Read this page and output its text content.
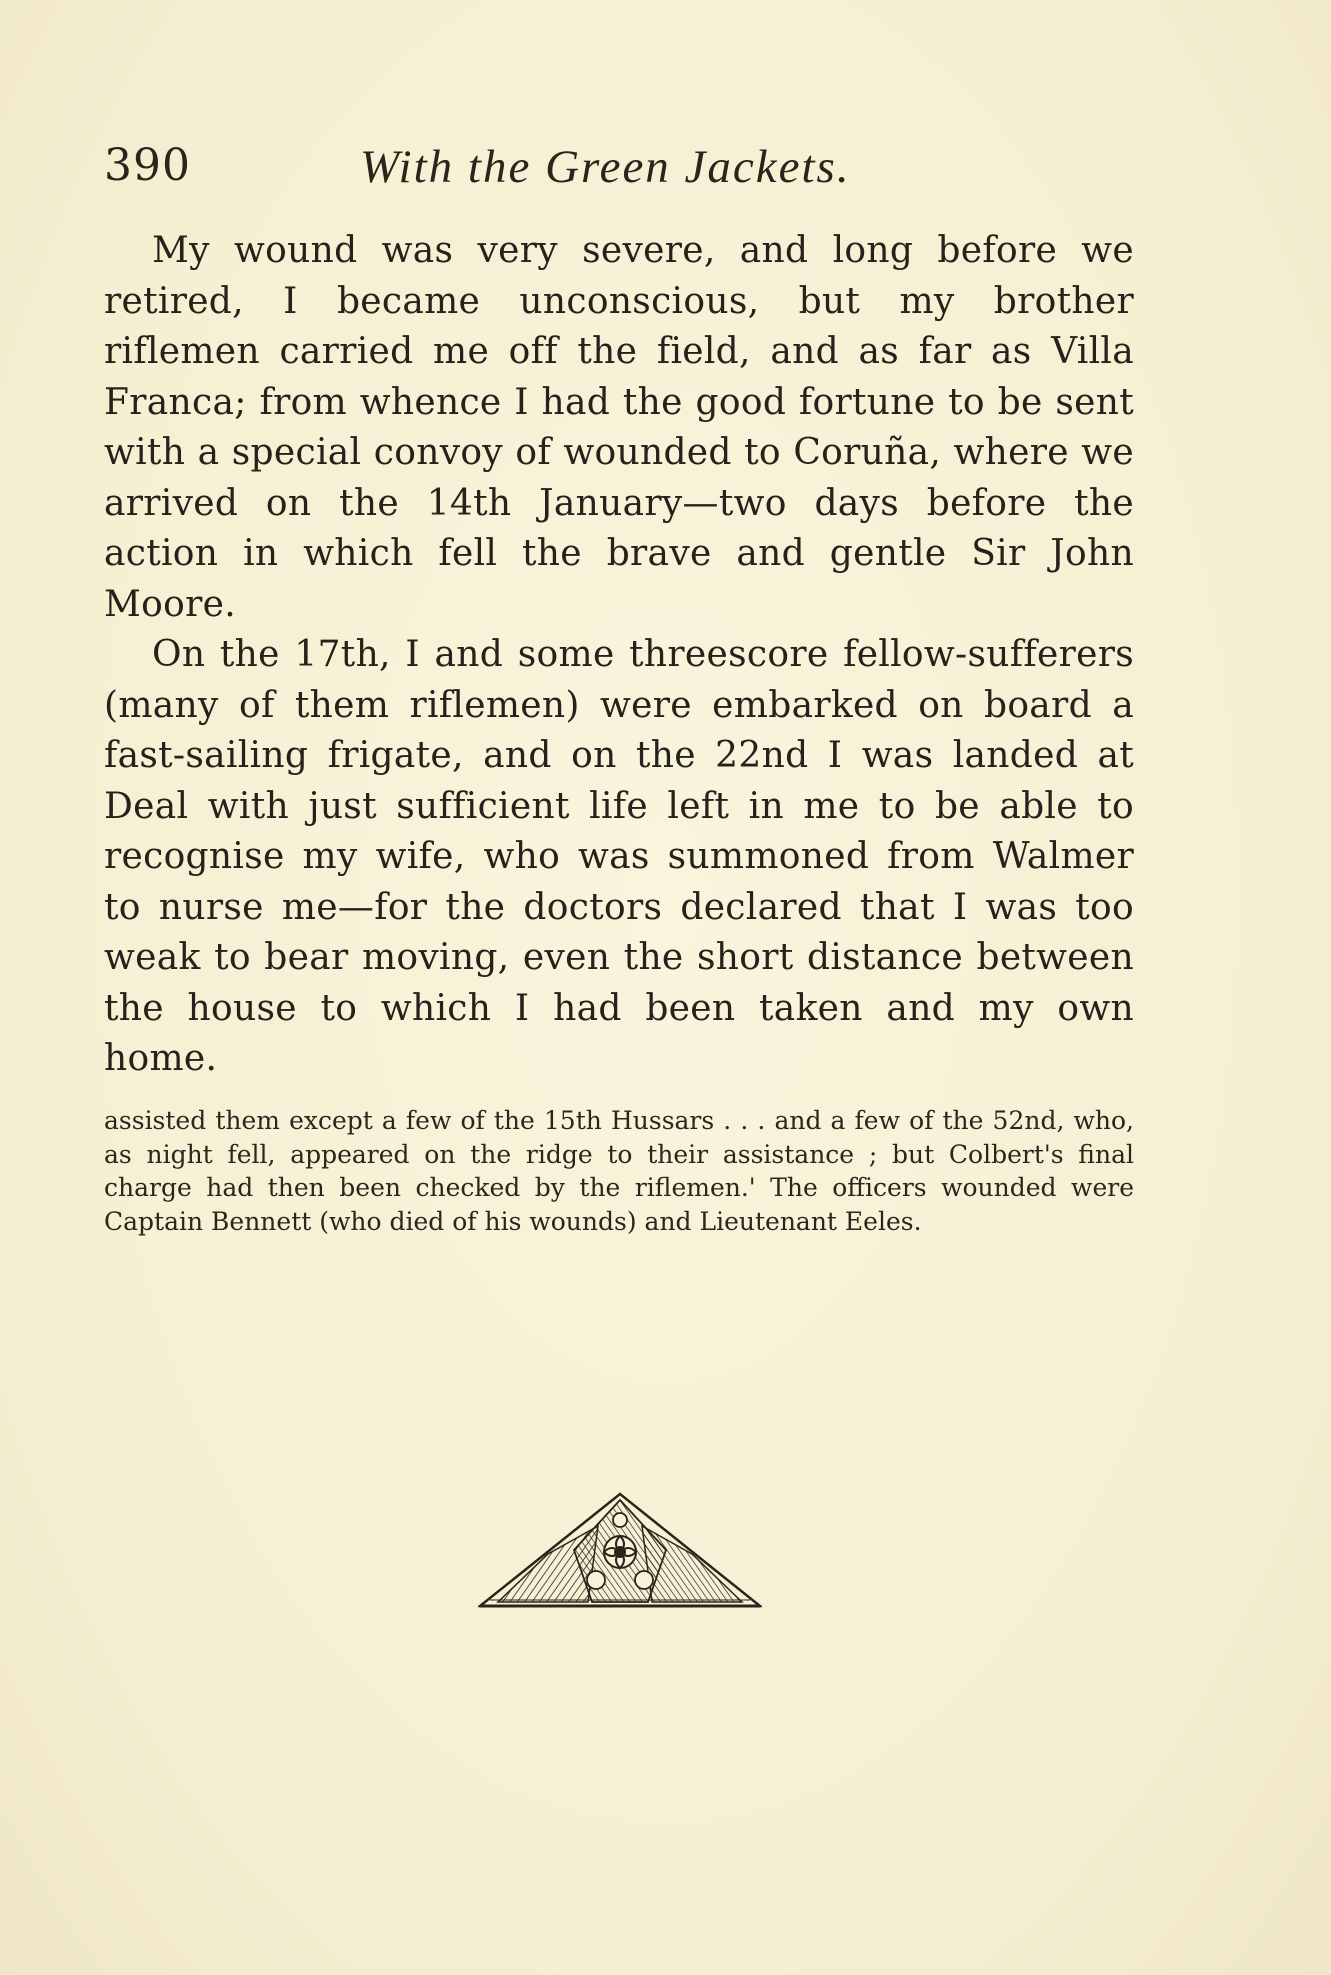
390	With the Green Jackets.

My wound was very severe, and long before we retired, I became unconscious, but my brother riflemen carried me off the field, and as far as Villa Franca; from whence I had the good fortune to be sent with a special convoy of wounded to Coruña, where we arrived on the 14th January—two days before the action in which fell the brave and gentle Sir John Moore.

On the 17th, I and some threescore fellow-sufferers (many of them riflemen) were embarked on board a fast-sailing frigate, and on the 22nd I was landed at Deal with just sufficient life left in me to be able to recognise my wife, who was summoned from Walmer to nurse me—for the doctors declared that I was too weak to bear moving, even the short distance between the house to which I had been taken and my own home.

assisted them except a few of the 15th Hussars . . . and a few of the 52nd, who, as night fell, appeared on the ridge to their assistance ; but Colbert's final charge had then been checked by the riflemen.' The officers wounded were Captain Bennett (who died of his wounds) and Lieutenant Eeles.
